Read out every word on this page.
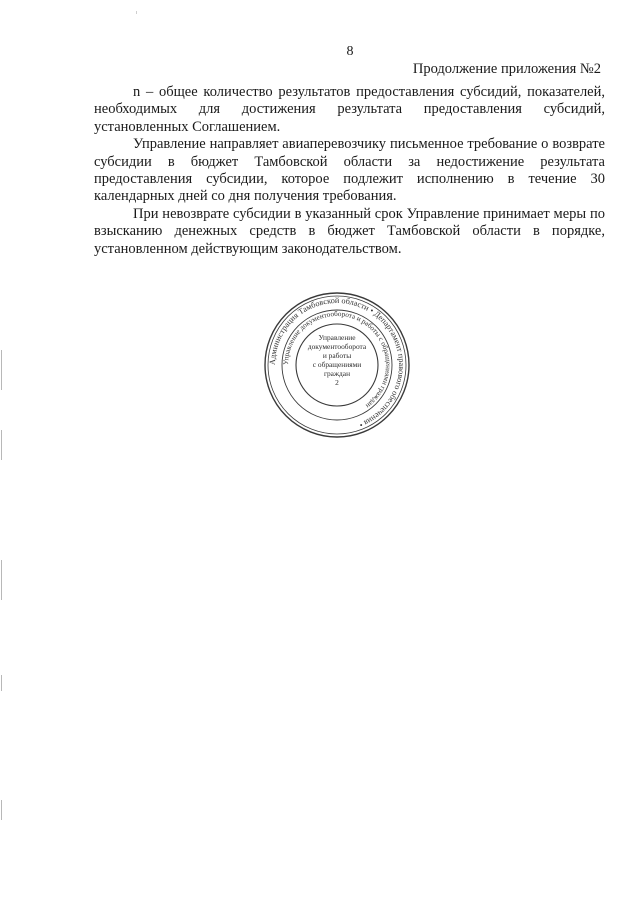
8
Продолжение приложения №2

n – общее количество результатов предоставления субсидий, показателей, необходимых для достижения результата предоставления субсидий, установленных Соглашением.

Управление направляет авиаперевозчику письменное требование о возврате субсидии в бюджет Тамбовской области за недостижение результата предоставления субсидии, которое подлежит исполнению в течение 30 календарных дней со дня получения требования.

При невозврате субсидии в указанный срок Управление принимает меры по взысканию денежных средств в бюджет Тамбовской области в порядке, установленном действующим законодательством.

Администрация Тамбовской области • Департамент правового обеспечения •
Управление документооборота и работы с обращениями граждан
Управление
документооборота
и работы
с обращениями
граждан
2
